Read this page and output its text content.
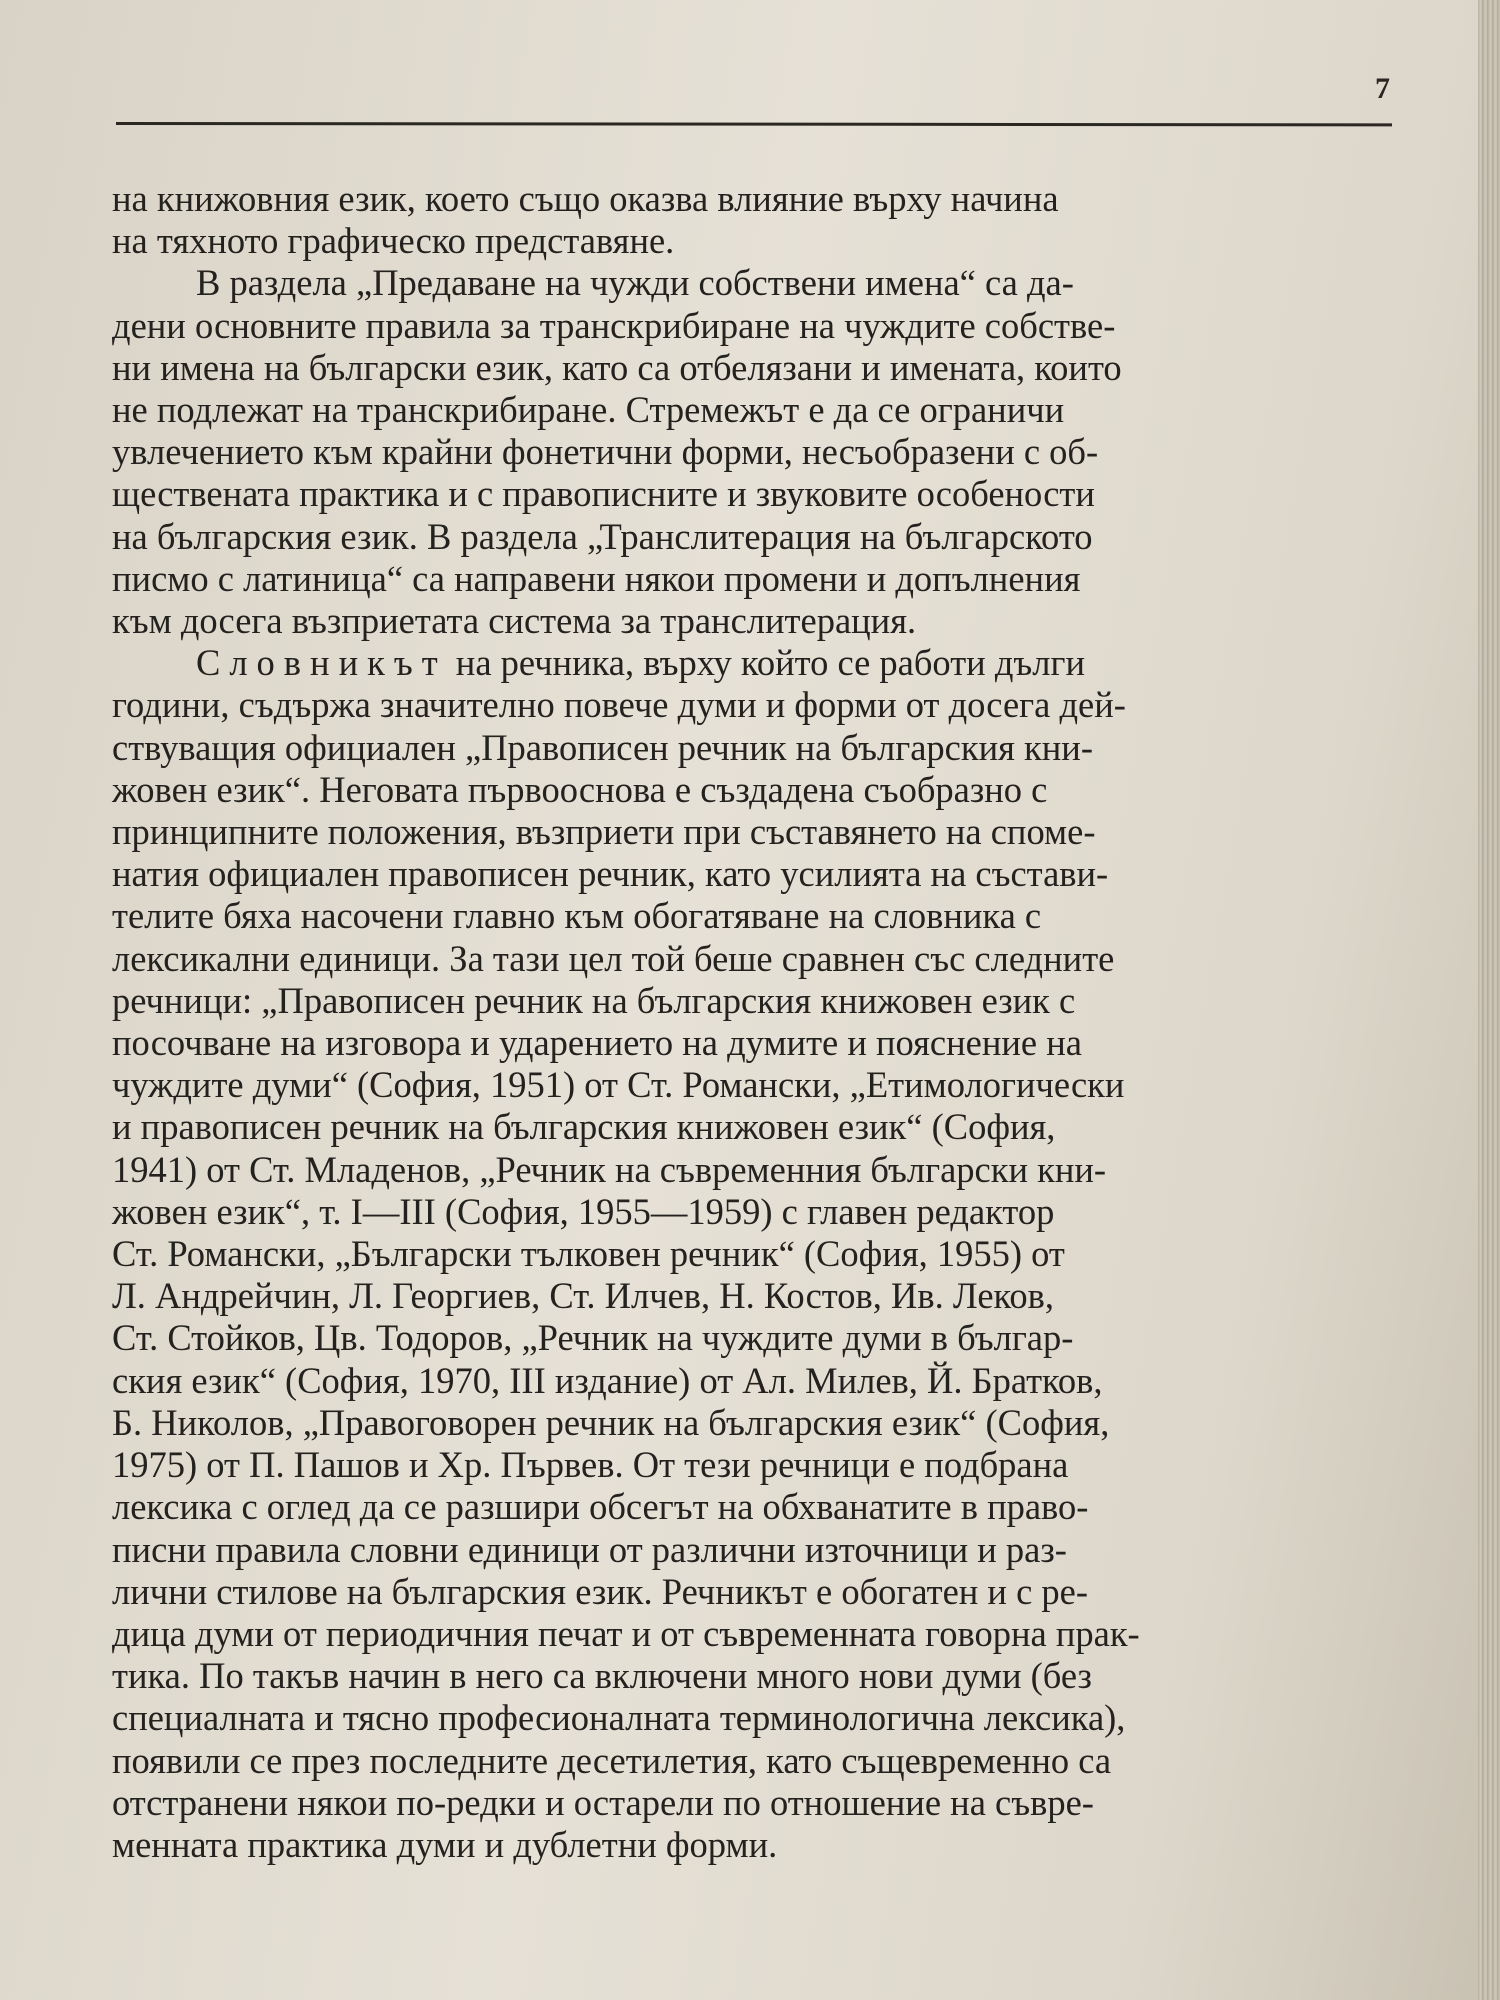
7

на книжовния език, което също оказва влияние върху начина
на тяхното графическо представяне.

В раздела „Предаване на чужди собствени имена“ са да-
дени основните правила за транскрибиране на чуждите собстве-
ни имена на български език, като са отбелязани и имената, които
не подлежат на транскрибиране. Стремежът е да се ограничи
увлечението към крайни фонетични форми, несъобразени с об-
ществената практика и с правописните и звуковите особености
на българския език. В раздела „Транслитерация на българското
писмо с латиница“ са направени някои промени и допълнения
към досега възприетата система за транслитерация.

Словникът на речника, върху който се работи дълги
години, съдържа значително повече думи и форми от досега дей-
ствуващия официален „Правописен речник на българския кни-
жовен език“. Неговата първооснова е създадена съобразно с
принципните положения, възприети при съставянето на споме-
натия официален правописен речник, като усилията на състави-
телите бяха насочени главно към обогатяване на словника с
лексикални единици. За тази цел той беше сравнен със следните
речници: „Правописен речник на българския книжовен език с
посочване на изговора и ударението на думите и пояснение на
чуждите думи“ (София, 1951) от Ст. Романски, „Етимологически
и правописен речник на българския книжовен език“ (София,
1941) от Ст. Младенов, „Речник на съвременния български кни-
жовен език“, т. I—III (София, 1955—1959) с главен редактор
Ст. Романски, „Български тълковен речник“ (София, 1955) от
Л. Андрейчин, Л. Георгиев, Ст. Илчев, Н. Костов, Ив. Леков,
Ст. Стойков, Цв. Тодоров, „Речник на чуждите думи в българ-
ския език“ (София, 1970, III издание) от Ал. Милев, Й. Братков,
Б. Николов, „Правоговорен речник на българския език“ (София,
1975) от П. Пашов и Хр. Първев. От тези речници е подбрана
лексика с оглед да се разшири обсегът на обхванатите в право-
писни правила словни единици от различни източници и раз-
лични стилове на българския език. Речникът е обогатен и с ре-
дица думи от периодичния печат и от съвременната говорна прак-
тика. По такъв начин в него са включени много нови думи (без
специалната и тясно професионалната терминологична лексика),
появили се през последните десетилетия, като същевременно са
отстранени някои по-редки и остарели по отношение на съвре-
менната практика думи и дублетни форми.
